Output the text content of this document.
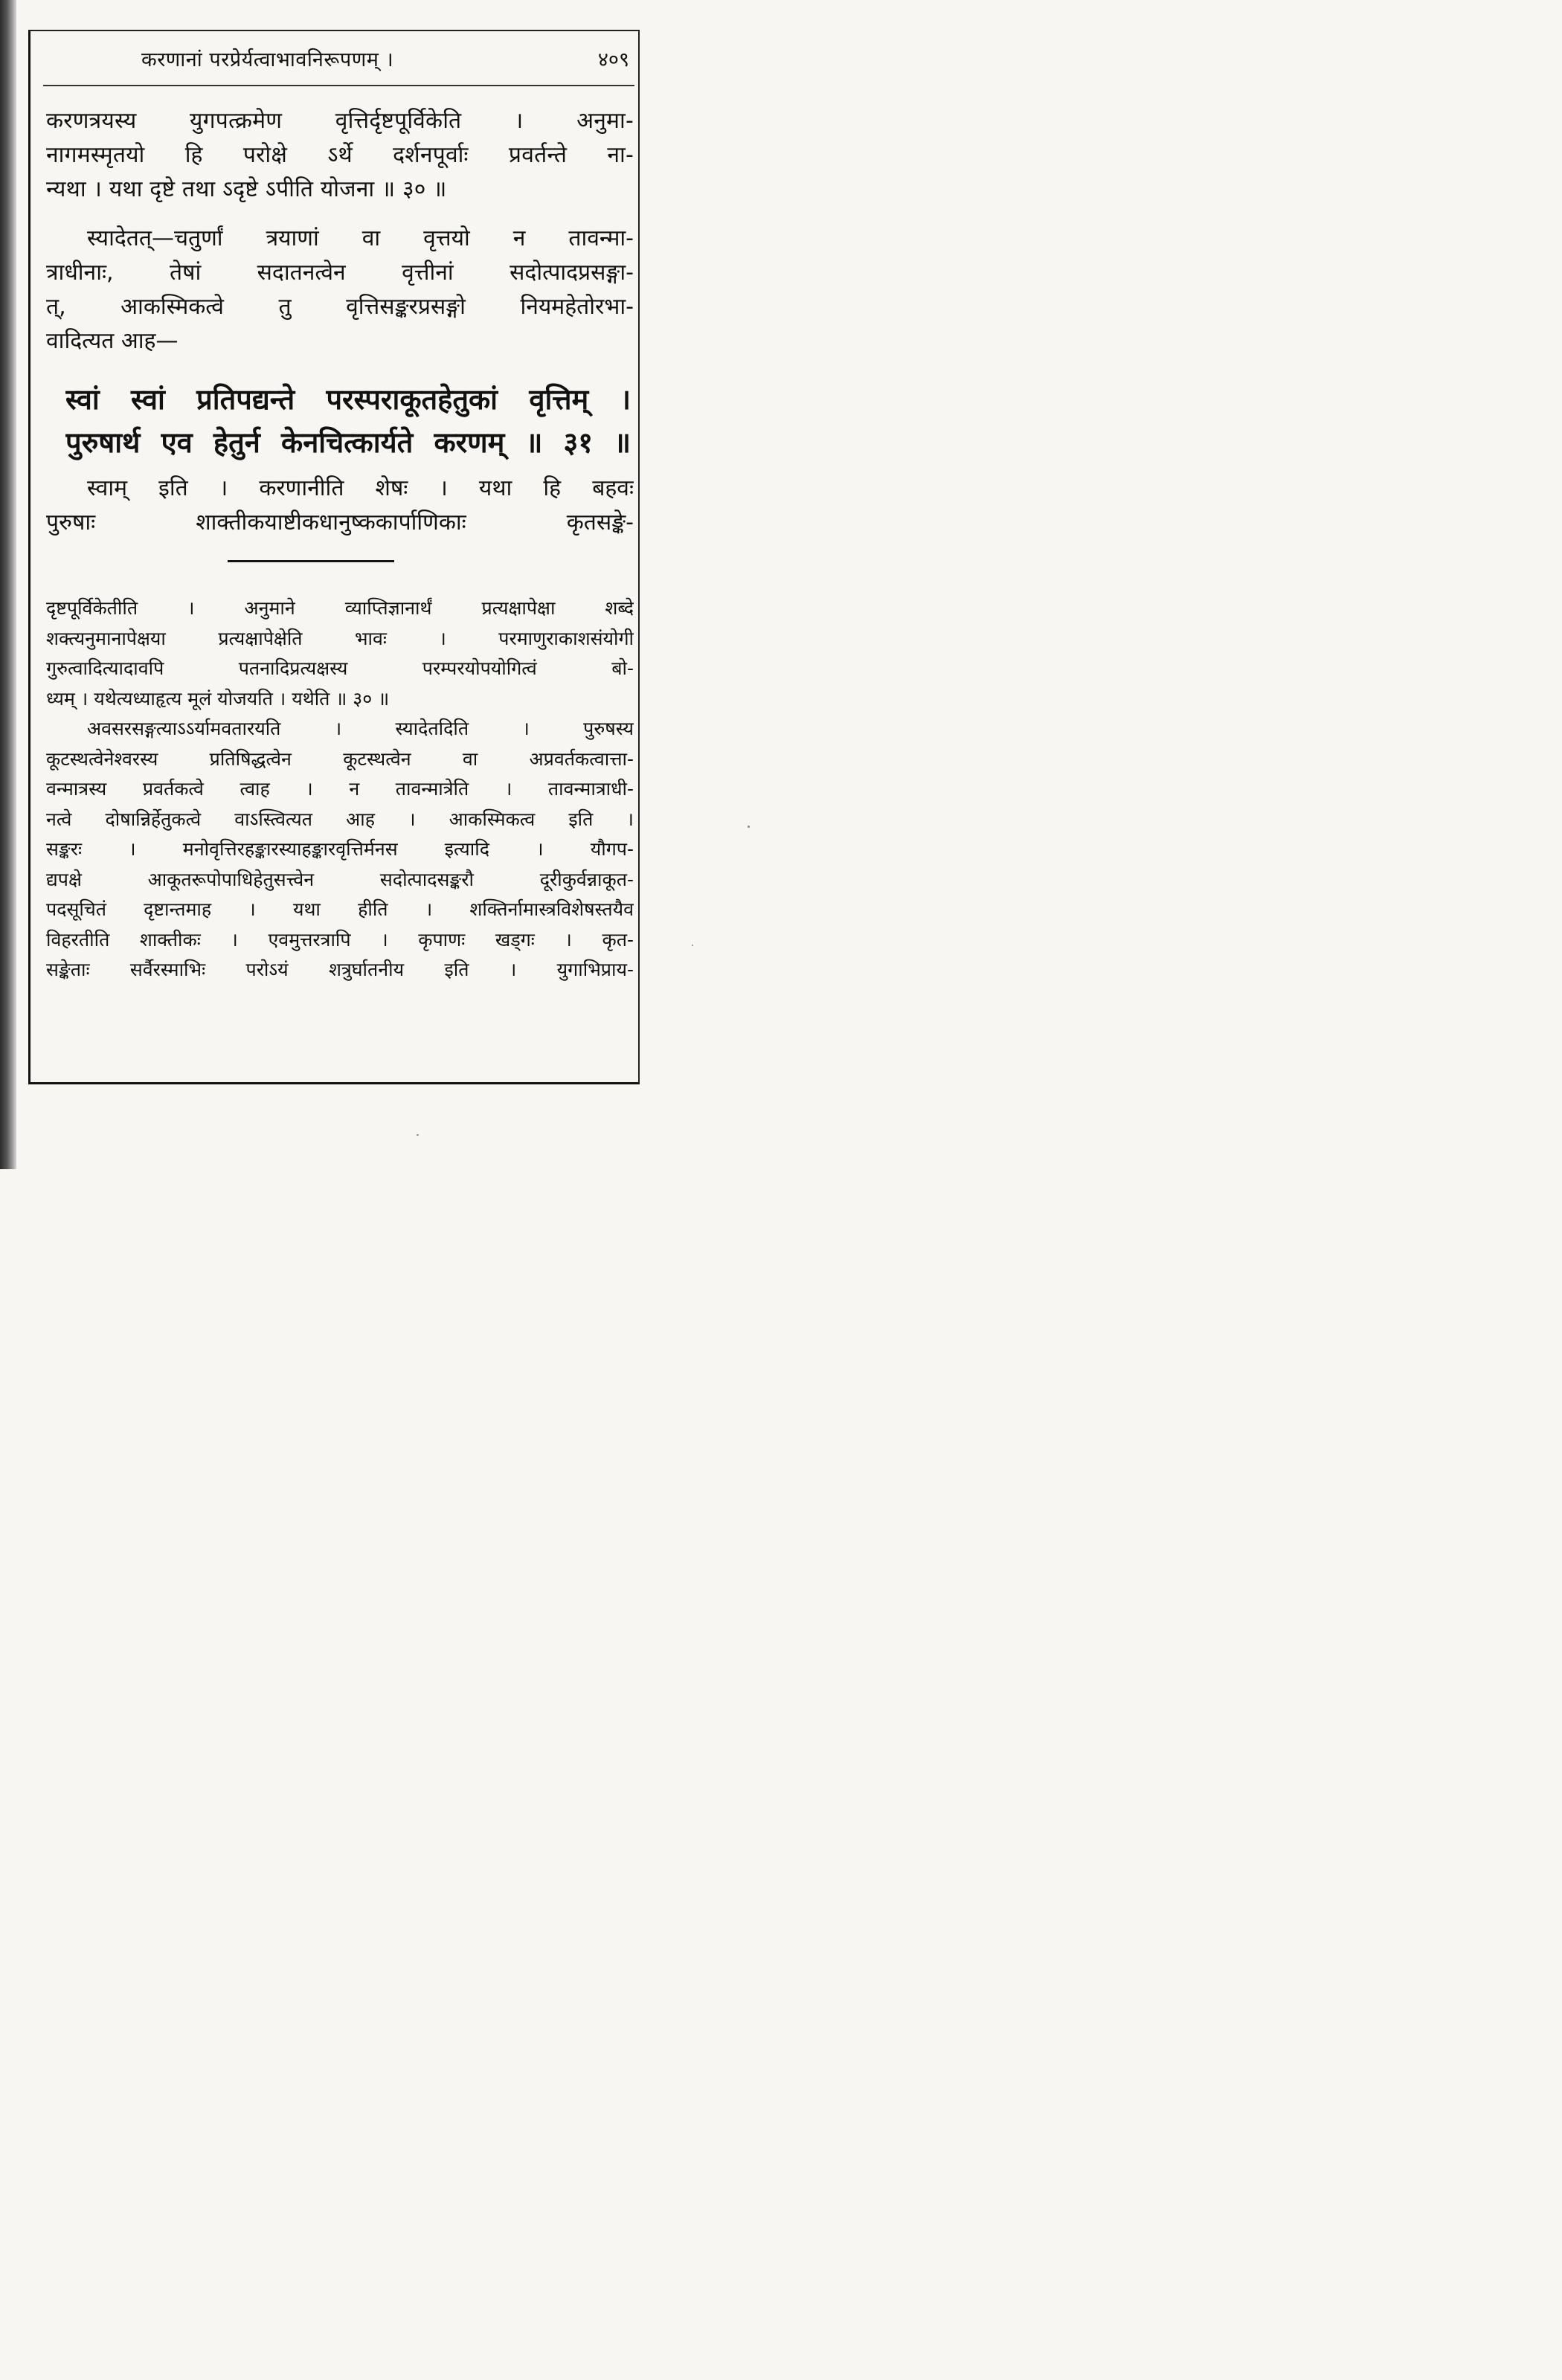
करणानां परप्रेर्यत्वाभावनिरूपणम् ।	४०९
करणत्रयस्य युगपत्क्रमेण वृत्तिर्दृष्टपूर्विकेति । अनुमा-
नागमस्मृतयो हि परोक्षे ऽर्थे दर्शनपूर्वाः प्रवर्तन्ते ना-
न्यथा । यथा दृष्टे तथा ऽदृष्टे ऽपीति योजना ॥ ३० ॥
स्यादेतत्—चतुर्णां त्रयाणां वा वृत्तयो न तावन्मा-
त्राधीनाः, तेषां सदातनत्वेन वृत्तीनां सदोत्पादप्रसङ्गा-
त्, आकस्मिकत्वे तु वृत्तिसङ्करप्रसङ्गो नियमहेतोरभा-
वादित्यत आह—
स्वां स्वां प्रतिपद्यन्ते परस्पराकूतहेतुकां वृत्तिम् ।
पुरुषार्थ एव हेतुर्न केनचित्कार्यते करणम् ॥ ३१ ॥
स्वाम् इति । करणानीति शेषः । यथा हि बहवः
पुरुषाः शाक्तीकयाष्टीकधानुष्ककार्पाणिकाः कृतसङ्के-
दृष्टपूर्विकेतीति । अनुमाने व्याप्तिज्ञानार्थं प्रत्यक्षापेक्षा शब्दे
शक्त्यनुमानापेक्षया प्रत्यक्षापेक्षेति भावः । परमाणुराकाशसंयोगी
गुरुत्वादित्यादावपि पतनादिप्रत्यक्षस्य परम्परयोपयोगित्वं बो-
ध्यम् । यथेत्यध्याहृत्य मूलं योजयति । यथेति ॥ ३० ॥
अवसरसङ्गत्याऽऽर्यामवतारयति । स्यादेतदिति । पुरुषस्य
कूटस्थत्वेनेश्वरस्य प्रतिषिद्धत्वेन कूटस्थत्वेन वा अप्रवर्तकत्वात्ता-
वन्मात्रस्य प्रवर्तकत्वे त्वाह । न तावन्मात्रेति । तावन्मात्राधी-
नत्वे दोषान्निर्हेतुकत्वे वाऽस्त्वित्यत आह । आकस्मिकत्व इति ।
सङ्करः । मनोवृत्तिरहङ्कारस्याहङ्कारवृत्तिर्मनस इत्यादि । यौगप-
द्यपक्षे आकूतरूपोपाधिहेतुसत्त्वेन सदोत्पादसङ्करौ दूरीकुर्वन्नाकूत-
पदसूचितं दृष्टान्तमाह । यथा हीति । शक्तिर्नामास्त्रविशेषस्तयैव
विहरतीति शाक्तीकः । एवमुत्तरत्रापि । कृपाणः खड्गः । कृत-
सङ्केताः सर्वैरस्माभिः परोऽयं शत्रुर्घातनीय इति । युगाभिप्राय-
